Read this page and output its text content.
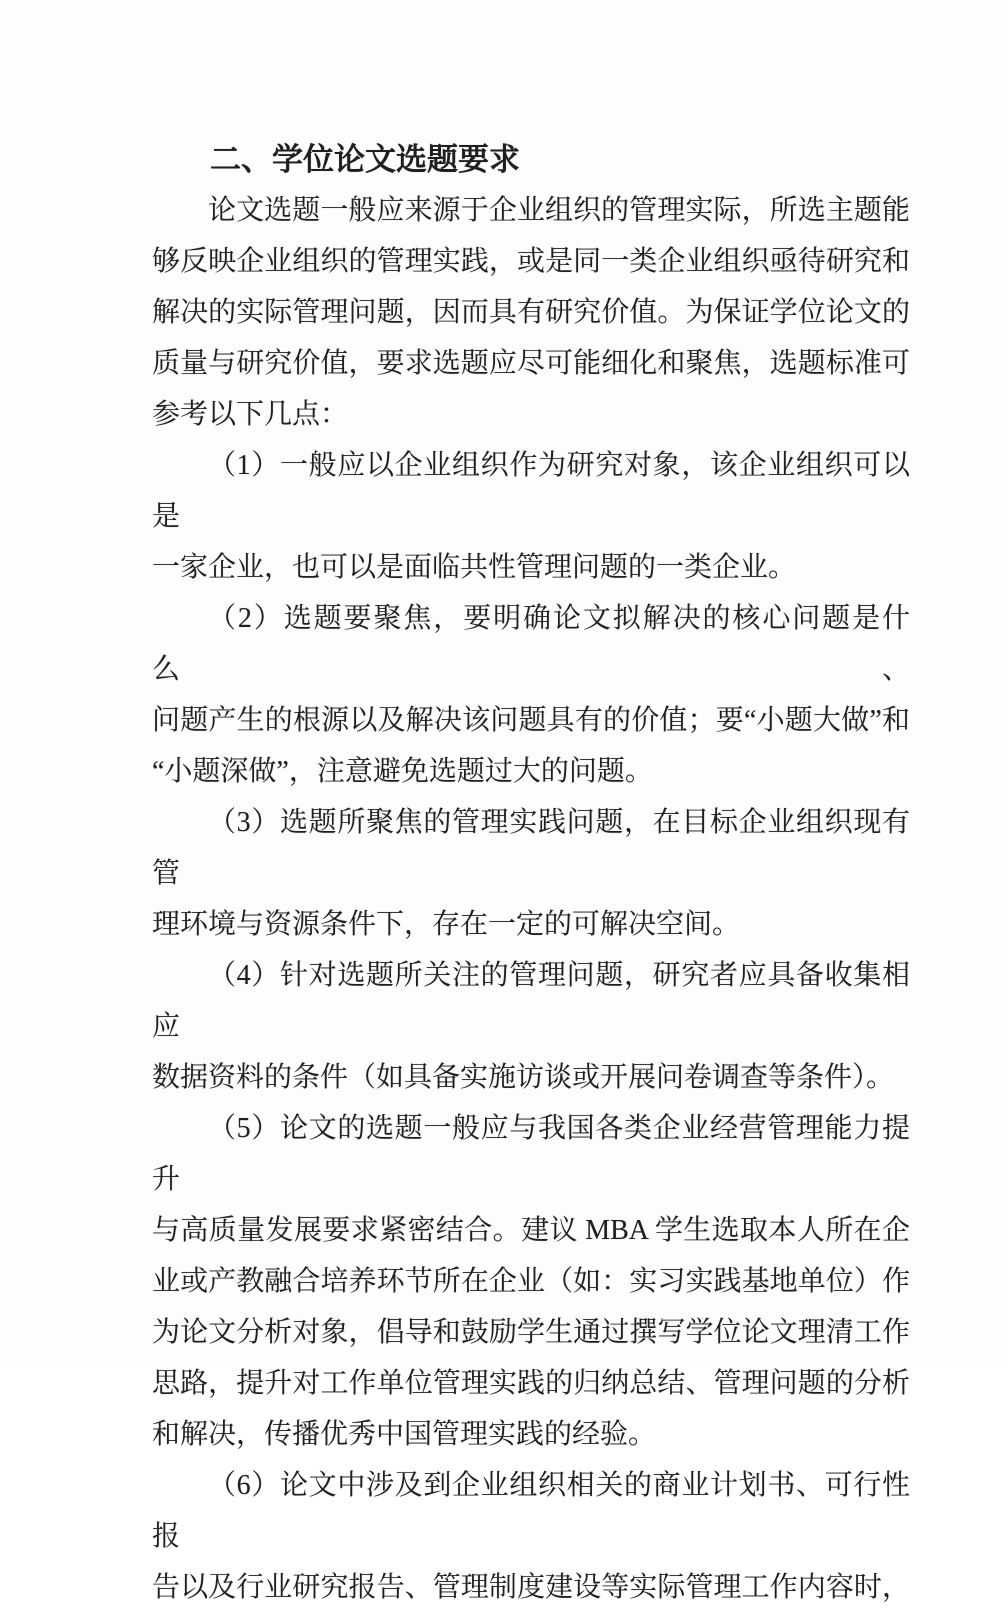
二、学位论文选题要求

论文选题一般应来源于企业组织的管理实际，所选主题能
够反映企业组织的管理实践，或是同一类企业组织亟待研究和
解决的实际管理问题，因而具有研究价值。为保证学位论文的
质量与研究价值，要求选题应尽可能细化和聚焦，选题标准可
参考以下几点：

（1）一般应以企业组织作为研究对象，该企业组织可以是
一家企业，也可以是面临共性管理问题的一类企业。

（2）选题要聚焦，要明确论文拟解决的核心问题是什么、
问题产生的根源以及解决该问题具有的价值；要“小题大做”和
“小题深做”，注意避免选题过大的问题。

（3）选题所聚焦的管理实践问题，在目标企业组织现有管
理环境与资源条件下，存在一定的可解决空间。

（4）针对选题所关注的管理问题，研究者应具备收集相应
数据资料的条件（如具备实施访谈或开展问卷调查等条件）。

（5）论文的选题一般应与我国各类企业经营管理能力提升
与高质量发展要求紧密结合。建议 MBA 学生选取本人所在企
业或产教融合培养环节所在企业（如：实习实践基地单位）作
为论文分析对象，倡导和鼓励学生通过撰写学位论文理清工作
思路，提升对工作单位管理实践的归纳总结、管理问题的分析
和解决，传播优秀中国管理实践的经验。

（6）论文中涉及到企业组织相关的商业计划书、可行性报
告以及行业研究报告、管理制度建设等实际管理工作内容时，
